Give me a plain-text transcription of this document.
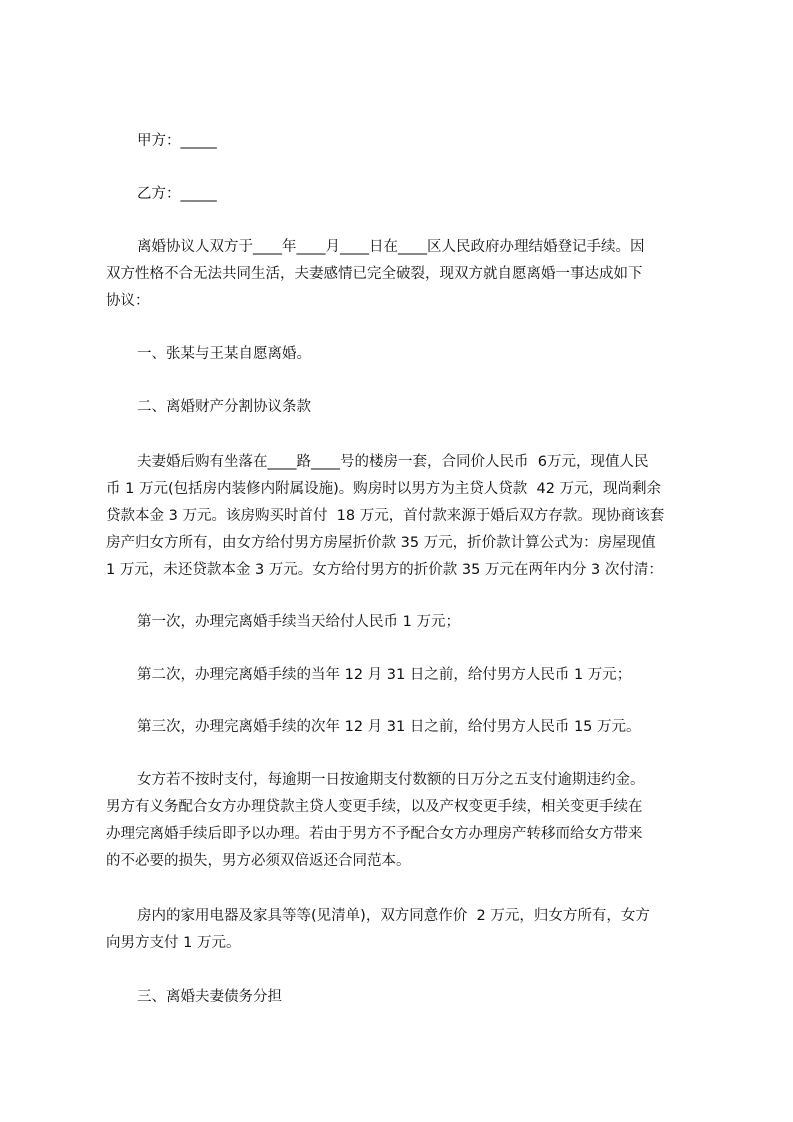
甲方：_____
乙方：_____
离婚协议人双方于____年____月____日在____区人民政府办理结婚登记手续。因
双方性格不合无法共同生活，夫妻感情已完全破裂，现双方就自愿离婚一事达成如下
协议：
一、张某与王某自愿离婚。
二、离婚财产分割协议条款
夫妻婚后购有坐落在____路____号的楼房一套，合同价人民币  6万元，现值人民
币 1 万元(包括房内装修内附属设施)。购房时以男方为主贷人贷款  42 万元，现尚剩余
贷款本金 3 万元。该房购买时首付  18 万元，首付款来源于婚后双方存款。现协商该套
房产归女方所有，由女方给付男方房屋折价款 35 万元，折价款计算公式为：房屋现值
1 万元，未还贷款本金 3 万元。女方给付男方的折价款 35 万元在两年内分 3 次付清：
第一次，办理完离婚手续当天给付人民币 1 万元；
第二次，办理完离婚手续的当年 12 月 31 日之前，给付男方人民币 1 万元；
第三次，办理完离婚手续的次年 12 月 31 日之前，给付男方人民币 15 万元。
女方若不按时支付，每逾期一日按逾期支付数额的日万分之五支付逾期违约金。
男方有义务配合女方办理贷款主贷人变更手续，以及产权变更手续，相关变更手续在
办理完离婚手续后即予以办理。若由于男方不予配合女方办理房产转移而给女方带来
的不必要的损失，男方必须双倍返还合同范本。
房内的家用电器及家具等等(见清单)，双方同意作价  2 万元，归女方所有，女方
向男方支付 1 万元。
三、离婚夫妻债务分担
